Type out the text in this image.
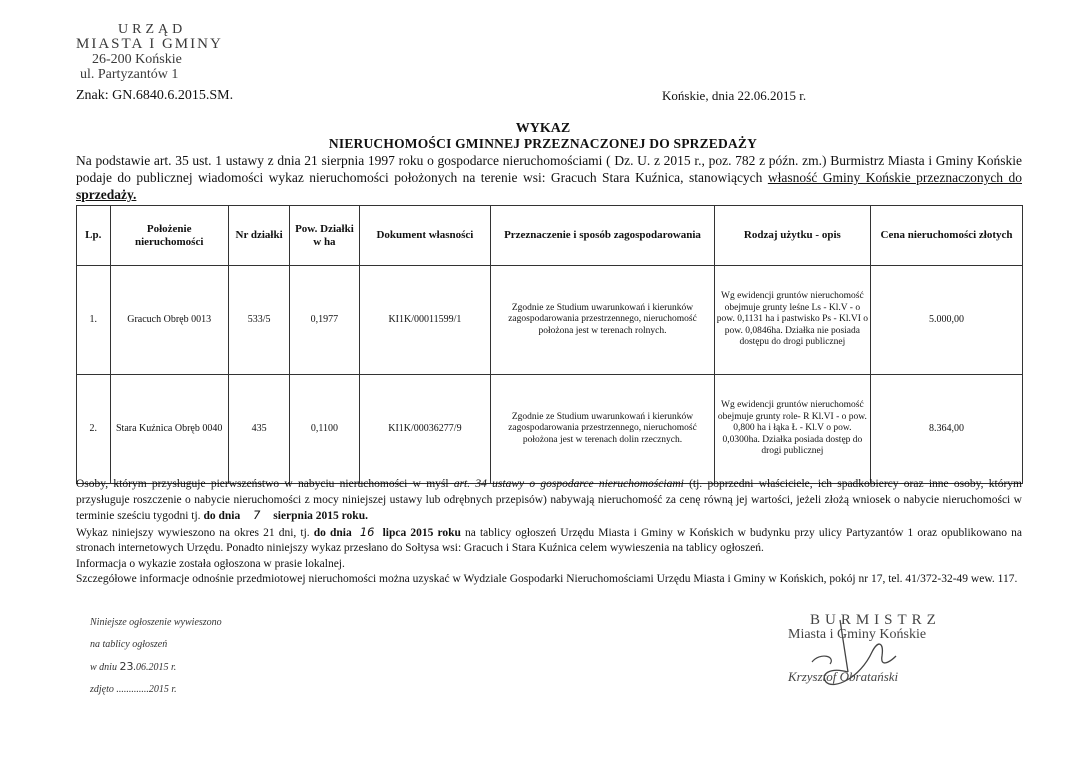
URZĄD
MIASTA I GMINY
26-200 Końskie
ul. Partyzantów 1
Znak: GN.6840.6.2015.SM.	Końskie, dnia 22.06.2015 r.
WYKAZ
NIERUCHOMOŚCI GMINNEJ PRZEZNACZONEJ DO SPRZEDAŻY
Na podstawie art. 35 ust. 1 ustawy z dnia 21 sierpnia 1997 roku o gospodarce nieruchomościami ( Dz. U. z 2015 r., poz. 782 z późn. zm.) Burmistrz Miasta i Gminy Końskie podaje do publicznej wiadomości wykaz nieruchomości położonych na terenie wsi: Gracuch Stara Kuźnica, stanowiących własność Gminy Końskie przeznaczonych do sprzedaży.
Lp.	Położenie nieruchomości	Nr działki	Pow. Działki w ha	Dokument własności	Przeznaczenie i sposób zagospodarowania	Rodzaj użytku - opis	Cena nieruchomości złotych
1.	Gracuch Obręb 0013	533/5	0,1977	KI1K/00011599/1	Zgodnie ze Studium uwarunkowań i kierunków zagospodarowania przestrzennego, nieruchomość położona jest w terenach rolnych.	Wg ewidencji gruntów nieruchomość obejmuje grunty leśne Ls - Kl.V - o pow. 0,1131 ha i pastwisko Ps - Kl.VI o pow. 0,0846ha. Działka nie posiada dostępu do drogi publicznej	5.000,00
2.	Stara Kuźnica Obręb 0040	435	0,1100	KI1K/00036277/9	Zgodnie ze Studium uwarunkowań i kierunków zagospodarowania przestrzennego, nieruchomość położona jest w terenach dolin rzecznych.	Wg ewidencji gruntów nieruchomość obejmuje grunty role- R Kl.VI - o pow. 0,800 ha i łąka Ł - Kl.V o pow. 0,0300ha. Działka posiada dostęp do drogi publicznej	8.364,00

Osoby, którym przysługuje pierwszeństwo w nabyciu nieruchomości w myśl art. 34 ustawy o gospodarce nieruchomościami (tj. poprzedni właściciele, ich spadkobiercy oraz inne osoby, którym przysługuje roszczenie o nabycie nieruchomości z mocy niniejszej ustawy lub odrębnych przepisów) nabywają nieruchomość za cenę równą jej wartości, jeżeli złożą wniosek o nabycie nieruchomości w terminie sześciu tygodni tj. do dnia 7 sierpnia 2015 roku.

Wykaz niniejszy wywieszono na okres 21 dni, tj. do dnia 16 lipca 2015 roku na tablicy ogłoszeń Urzędu Miasta i Gminy w Końskich w budynku przy ulicy Partyzantów 1 oraz opublikowano na stronach internetowych Urzędu. Ponadto niniejszy wykaz przesłano do Sołtysa wsi: Gracuch i Stara Kuźnica celem wywieszenia na tablicy ogłoszeń.

Informacja o wykazie została ogłoszona w prasie lokalnej.

Szczegółowe informacje odnośnie przedmiotowej nieruchomości można uzyskać w Wydziale Gospodarki Nieruchomościami Urzędu Miasta i Gminy w Końskich, pokój nr 17, tel. 41/372-32-49 wew. 117.

Niniejsze ogłoszenie wywieszono
na tablicy ogłoszeń
w dniu 23.06.2015 r.
zdjęto .............2015 r.
BURMISTRZ
Miasta i Gminy Końskie
Krzysztof Obratański
